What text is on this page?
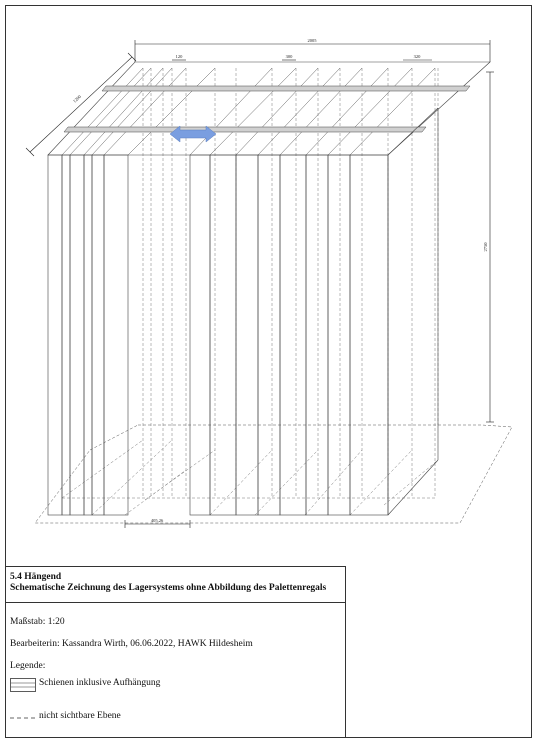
2005
1200
2750
120	300	320
405,26
5.4 Hängend
Schematische Zeichnung des Lagersystems ohne Abbildung des Palettenregals
Maßstab: 1:20
Bearbeiterin: Kassandra Wirth, 06.06.2022, HAWK Hildesheim
Legende:
Schienen inklusive Aufhängung
nicht sichtbare Ebene
